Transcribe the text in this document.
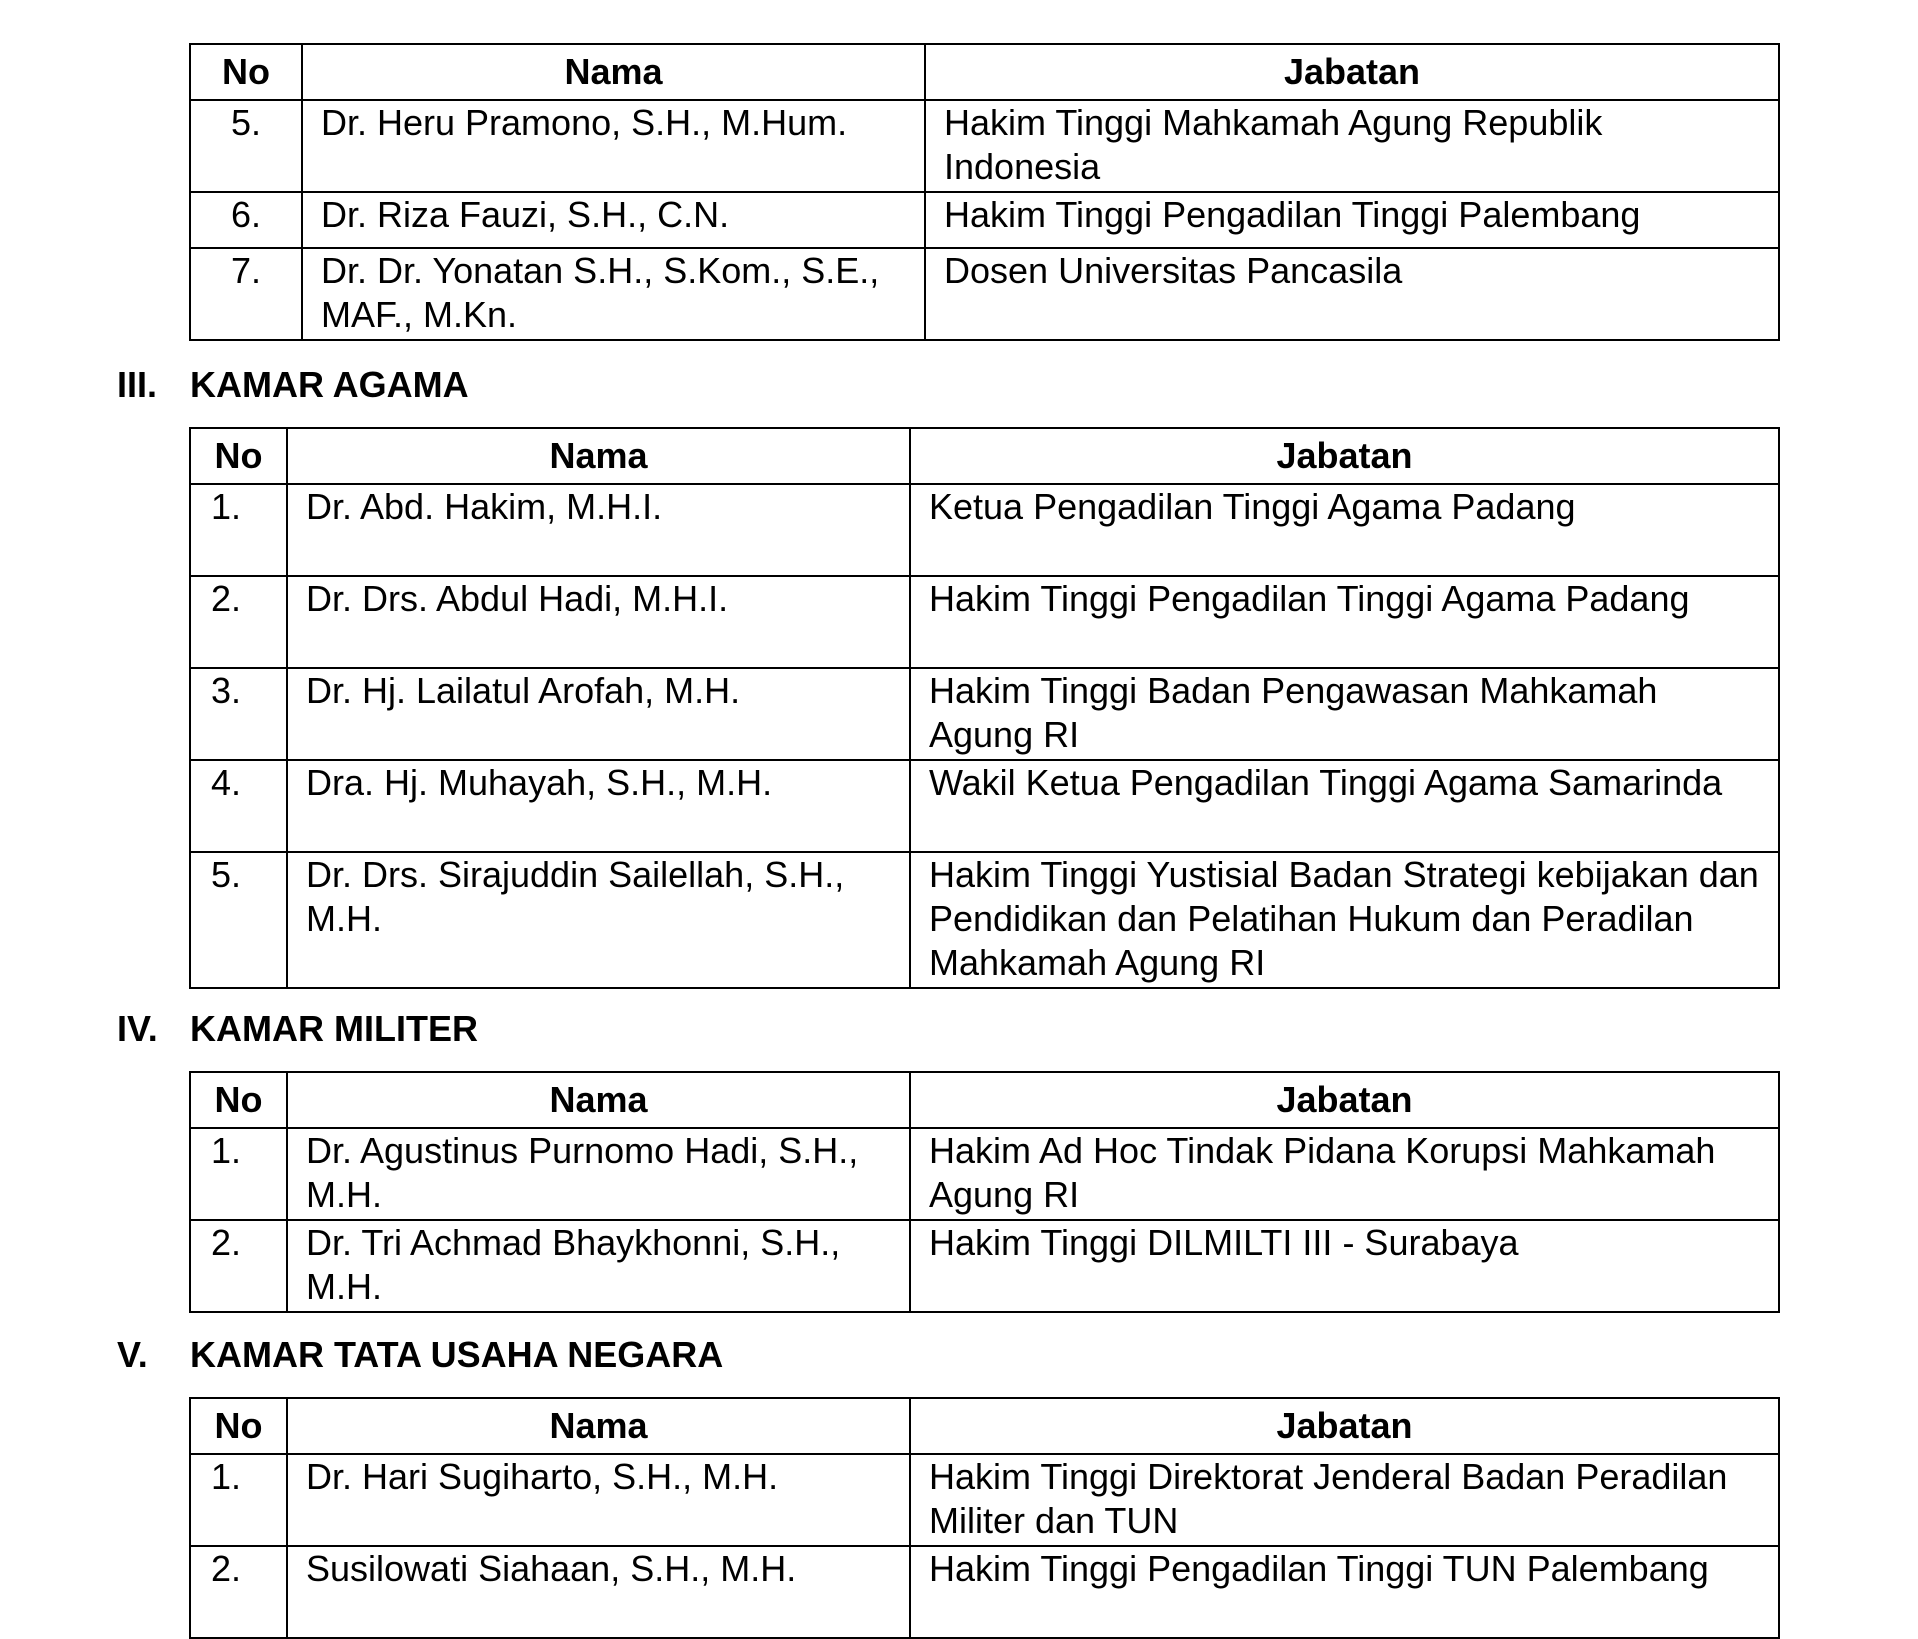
No	Nama	Jabatan
5.	Dr. Heru Pramono, S.H., M.Hum.	Hakim Tinggi Mahkamah Agung Republik Indonesia
6.	Dr. Riza Fauzi, S.H., C.N.	Hakim Tinggi Pengadilan Tinggi Palembang
7.	Dr. Dr. Yonatan S.H., S.Kom., S.E., MAF., M.Kn.	Dosen Universitas Pancasila
III. KAMAR AGAMA
No	Nama	Jabatan
1.	Dr. Abd. Hakim, M.H.I.	Ketua Pengadilan Tinggi Agama Padang
2.	Dr. Drs. Abdul Hadi, M.H.I.	Hakim Tinggi Pengadilan Tinggi Agama Padang
3.	Dr. Hj. Lailatul Arofah, M.H.	Hakim Tinggi Badan Pengawasan Mahkamah Agung RI
4.	Dra. Hj. Muhayah, S.H., M.H.	Wakil Ketua Pengadilan Tinggi Agama Samarinda
5.	Dr. Drs. Sirajuddin Sailellah, S.H., M.H.	Hakim Tinggi Yustisial Badan Strategi kebijakan dan Pendidikan dan Pelatihan Hukum dan Peradilan Mahkamah Agung RI
IV. KAMAR MILITER
No	Nama	Jabatan
1.	Dr. Agustinus Purnomo Hadi, S.H., M.H.	Hakim Ad Hoc Tindak Pidana Korupsi Mahkamah Agung RI
2.	Dr. Tri Achmad Bhaykhonni, S.H., M.H.	Hakim Tinggi DILMILTI III - Surabaya
V. KAMAR TATA USAHA NEGARA
No	Nama	Jabatan
1.	Dr. Hari Sugiharto, S.H., M.H.	Hakim Tinggi Direktorat Jenderal Badan Peradilan Militer dan TUN
2.	Susilowati Siahaan, S.H., M.H.	Hakim Tinggi Pengadilan Tinggi TUN Palembang
